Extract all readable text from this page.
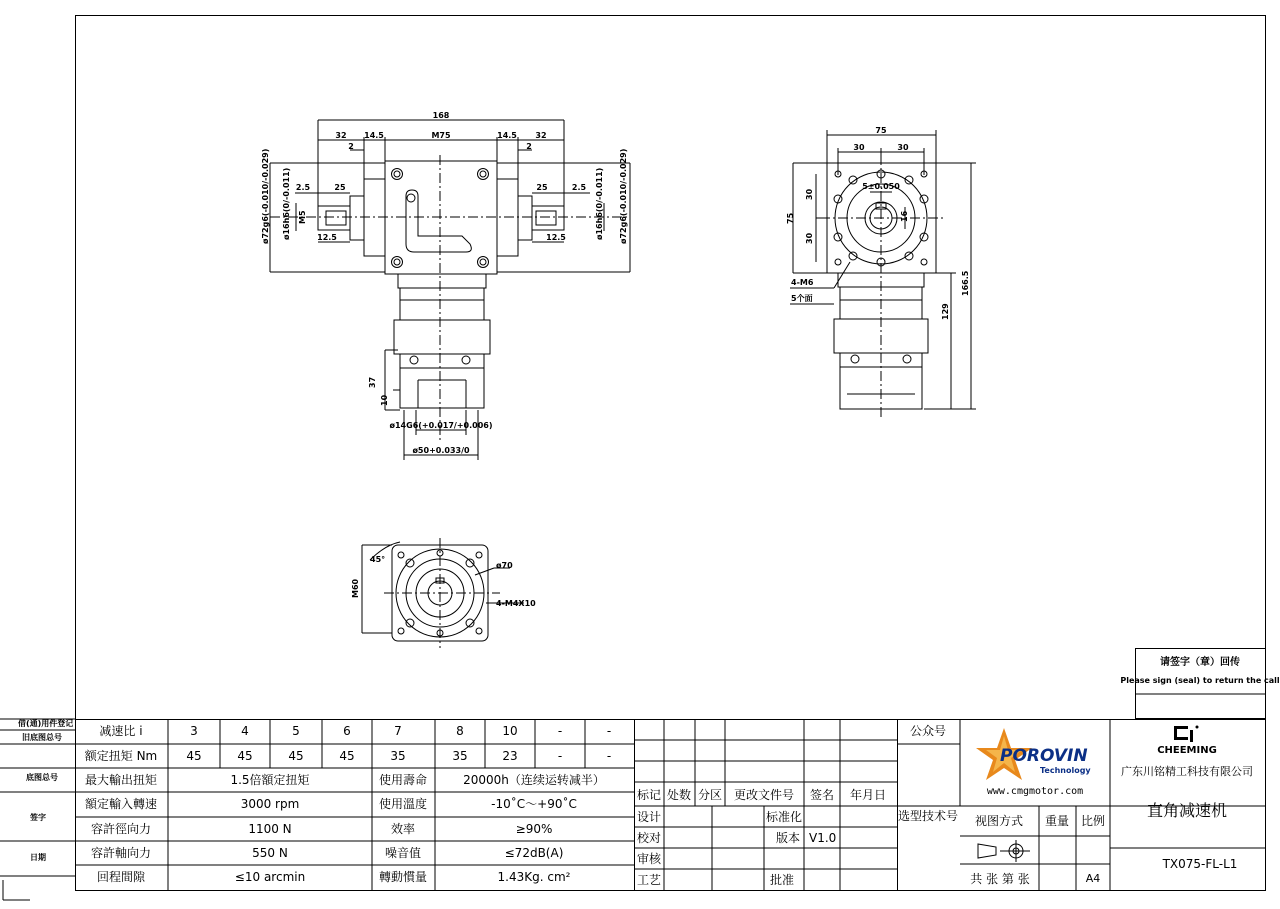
借(通)用件登记
旧底图总号
底图总号
签字
日期
168
32 14.5	M75	14.5 32
2	2
2.5	25	25	2.5
12.5	12.5
ø72g6(-0.010/-0.029) ø16h6(0/-0.011) M5	ø16h6(0/-0.011) ø72g6(-0.010/-0.029)
37
10
ø14G6(+0.017/+0.006)
ø50+0.033/0
75
30	30
5±0.050
16
30
75
30
4-M6
5个面
129
166.5
45°
M60
ø70
4-M4X10
请签字（章）回传
Please sign (seal) to return the call
减速比 i	3	4	5	6	7	8	10	-	-
额定扭矩 Nm 45	45	45	45	35	35	23	-	-
最大輸出扭矩	1.5倍額定扭矩	使用壽命	20000h（连续运转减半）
額定輸入轉速	3000 rpm	使用溫度	-10˚C～+90˚C
容許徑向力	1100 N	效率	≥90%
容許軸向力	550 N	噪音值	≤72dB(A)
回程間隙	≤10 arcmin	轉動慣量	1.43Kg. cm²
标记 处数 分区 更改文件号 签名 年月日
设计	标准化
校对	版本 V1.0
审核
工艺	批准
公众号
选型技术号
POROVIN
Technology
www.cmgmotor.com
CHEEMING
广东川铭精工科技有限公司
直角减速机
视图方式 重量 比例
共 张 第 张	A4
TX075-FL-L1
